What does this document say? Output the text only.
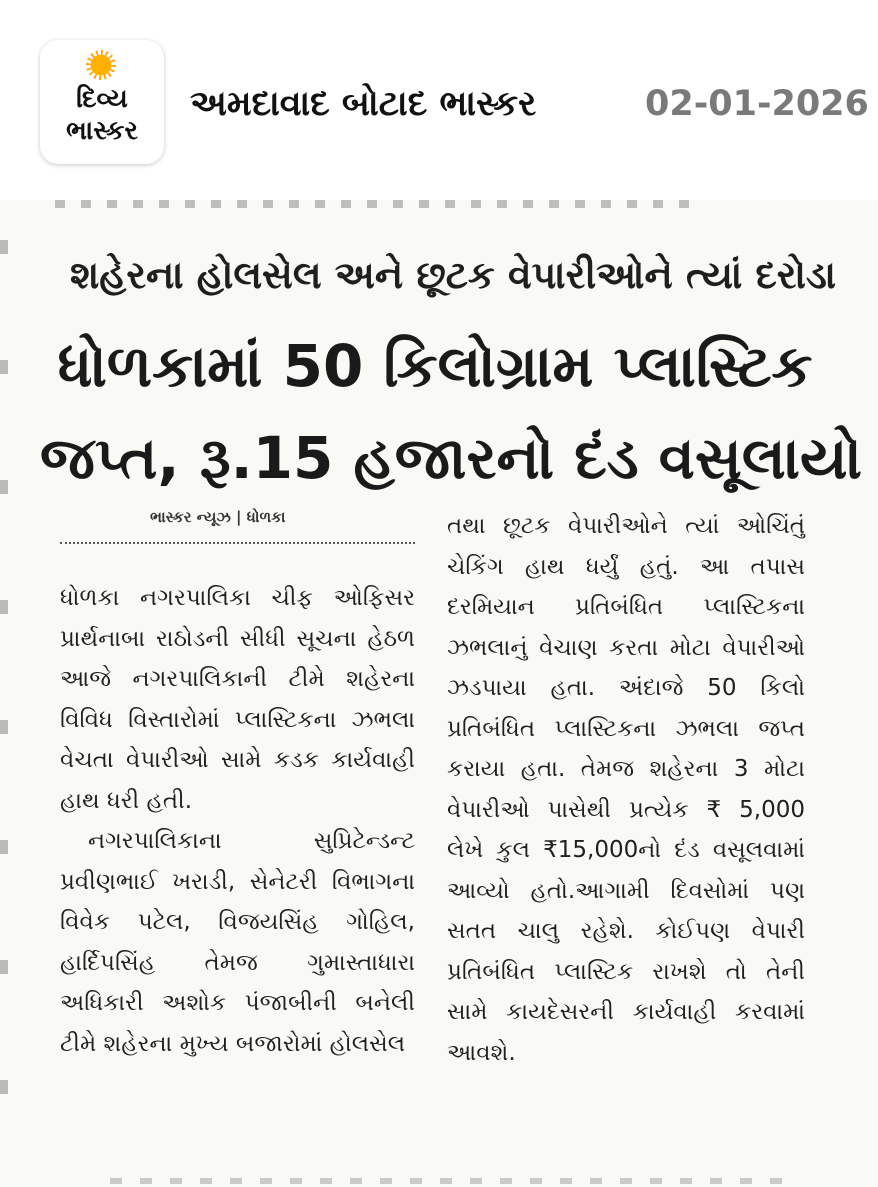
દિવ્ય
ભાસ્કર
અમદાવાદ બોટાદ ભાસ્કર	02-01-2026
શહેરના હોલસેલ અને છૂટક વેપારીઓને ત્યાં દરોડા
ધોળકામાં 50 કિલોગ્રામ પ્લાસ્ટિક
જપ્ત, રૂ.15 હજારનો દંડ વસૂલાયો
ભાસ્કર ન્યૂઝ | ધોળકા

ધોળકા નગરપાલિકા ચીફ ઓફિસર પ્રાર્થનાબા રાઠોડની સીધી સૂચના હેઠળ આજે નગરપાલિકાની ટીમે શહેરના વિવિધ વિસ્તારોમાં પ્લાસ્ટિકના ઝભલા વેચતા વેપારીઓ સામે કડક કાર્યવાહી હાથ ધરી હતી.

નગરપાલિકાના સુપ્રિટેન્ડન્ટ પ્રવીણભાઈ ખરાડી, સેનેટરી વિભાગના વિવેક પટેલ, વિજયસિંહ ગોહિલ, હાર્દિપસિંહ તેમજ ગુમાસ્તાધારા અધિકારી અશોક પંજાબીની બનેલી ટીમે શહેરના મુખ્ય બજારોમાં હોલસેલ

તથા છૂટક વેપારીઓને ત્યાં ઓચિંતું ચેકિંગ હાથ ધર્યું હતું. આ તપાસ દરમિયાન પ્રતિબંધિત પ્લાસ્ટિકના ઝભલાનું વેચાણ કરતા મોટા વેપારીઓ ઝડપાયા હતા. અંદાજે 50 કિલો પ્રતિબંધિત પ્લાસ્ટિકના ઝભલા જપ્ત કરાયા હતા. તેમજ શહેરના 3 મોટા વેપારીઓ પાસેથી પ્રત્યેક ₹ 5,000 લેખે કુલ ₹15,000નો દંડ વસૂલવામાં આવ્યો હતો.આગામી દિવસોમાં પણ સતત ચાલુ રહેશે. કોઈપણ વેપારી પ્રતિબંધિત પ્લાસ્ટિક રાખશે તો તેની સામે કાયદેસરની કાર્યવાહી કરવામાં આવશે.
